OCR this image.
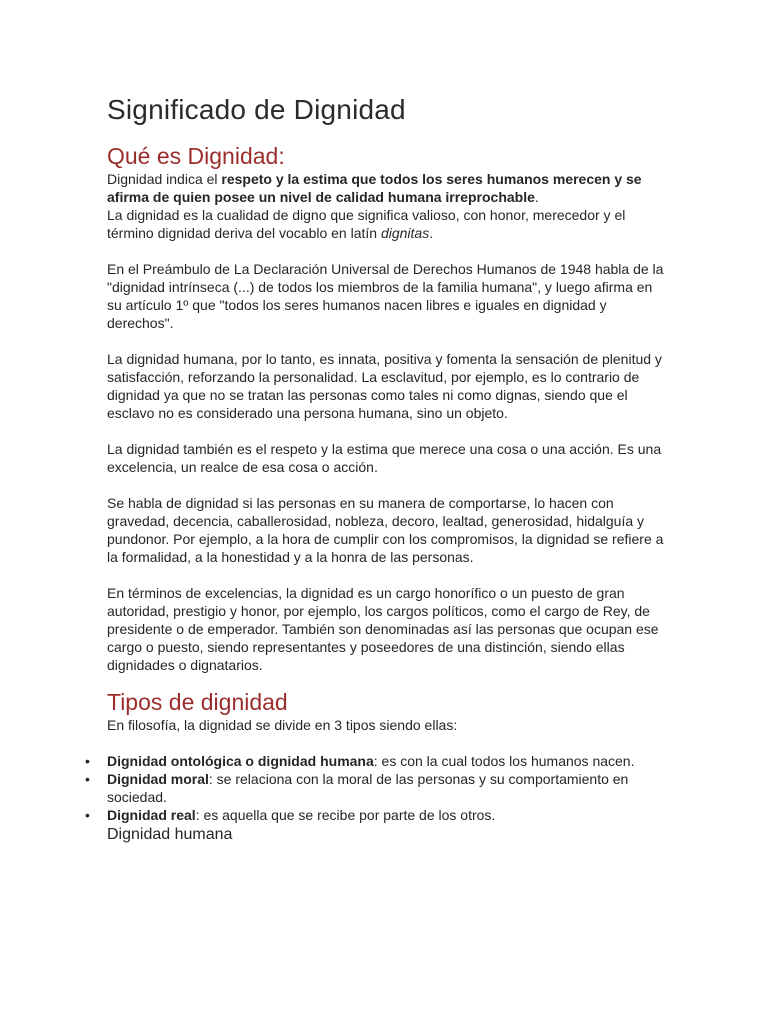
Significado de Dignidad
Qué es Dignidad:

Dignidad indica el respeto y la estima que todos los seres humanos merecen y se afirma de quien posee un nivel de calidad humana irreprochable.

La dignidad es la cualidad de digno que significa valioso, con honor, merecedor y el término dignidad deriva del vocablo en latín dignitas.

En el Preámbulo de La Declaración Universal de Derechos Humanos de 1948 habla de la "dignidad intrínseca (...) de todos los miembros de la familia humana", y luego afirma en su artículo 1º que "todos los seres humanos nacen libres e iguales en dignidad y derechos".

La dignidad humana, por lo tanto, es innata, positiva y fomenta la sensación de plenitud y satisfacción, reforzando la personalidad. La esclavitud, por ejemplo, es lo contrario de dignidad ya que no se tratan las personas como tales ni como dignas, siendo que el esclavo no es considerado una persona humana, sino un objeto.

La dignidad también es el respeto y la estima que merece una cosa o una acción. Es una excelencia, un realce de esa cosa o acción.

Se habla de dignidad si las personas en su manera de comportarse, lo hacen con gravedad, decencia, caballerosidad, nobleza, decoro, lealtad, generosidad, hidalguía y pundonor. Por ejemplo, a la hora de cumplir con los compromisos, la dignidad se refiere a la formalidad, a la honestidad y a la honra de las personas.

En términos de excelencias, la dignidad es un cargo honorífico o un puesto de gran autoridad, prestigio y honor, por ejemplo, los cargos políticos, como el cargo de Rey, de presidente o de emperador. También son denominadas así las personas que ocupan ese cargo o puesto, siendo representantes y poseedores de una distinción, siendo ellas dignidades o dignatarios.

Tipos de dignidad

En filosofía, la dignidad se divide en 3 tipos siendo ellas:

• Dignidad ontológica o dignidad humana: es con la cual todos los humanos nacen.
• Dignidad moral: se relaciona con la moral de las personas y su comportamiento en sociedad.
• Dignidad real: es aquella que se recibe por parte de los otros.

Dignidad humana
